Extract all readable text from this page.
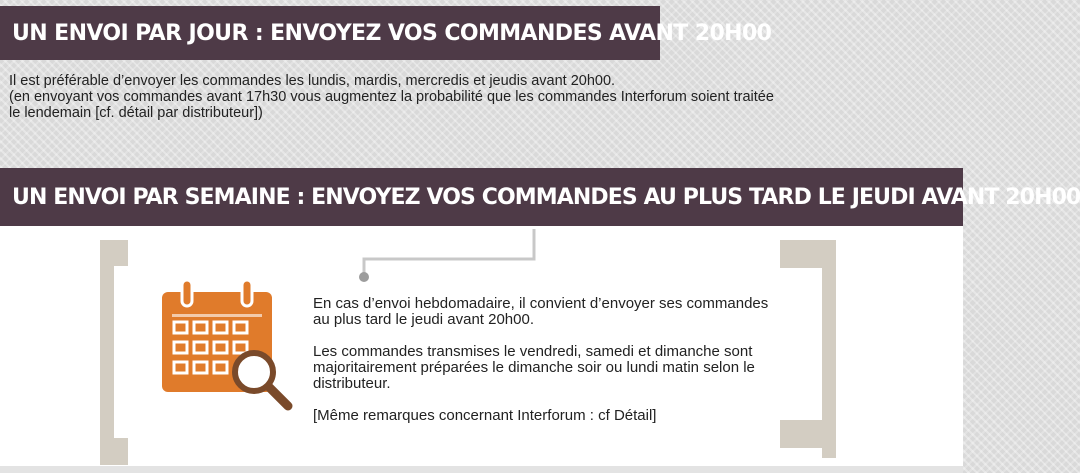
UN ENVOI PAR JOUR : ENVOYEZ VOS COMMANDES AVANT 20H00
Il est préférable d’envoyer les commandes les lundis, mardis, mercredis et jeudis avant 20h00.
(en envoyant vos commandes avant 17h30 vous augmentez la probabilité que les commandes Interforum soient traitée
le lendemain [cf. détail par distributeur])
UN ENVOI PAR SEMAINE : ENVOYEZ VOS COMMANDES AU PLUS TARD LE JEUDI AVANT 20H00

En cas d’envoi hebdomadaire, il convient d’envoyer ses commandes au plus tard le jeudi avant 20h00.

Les commandes transmises le vendredi, samedi et dimanche sont majoritairement préparées le dimanche soir ou lundi matin selon le distributeur.

[Même remarques concernant Interforum : cf Détail]
